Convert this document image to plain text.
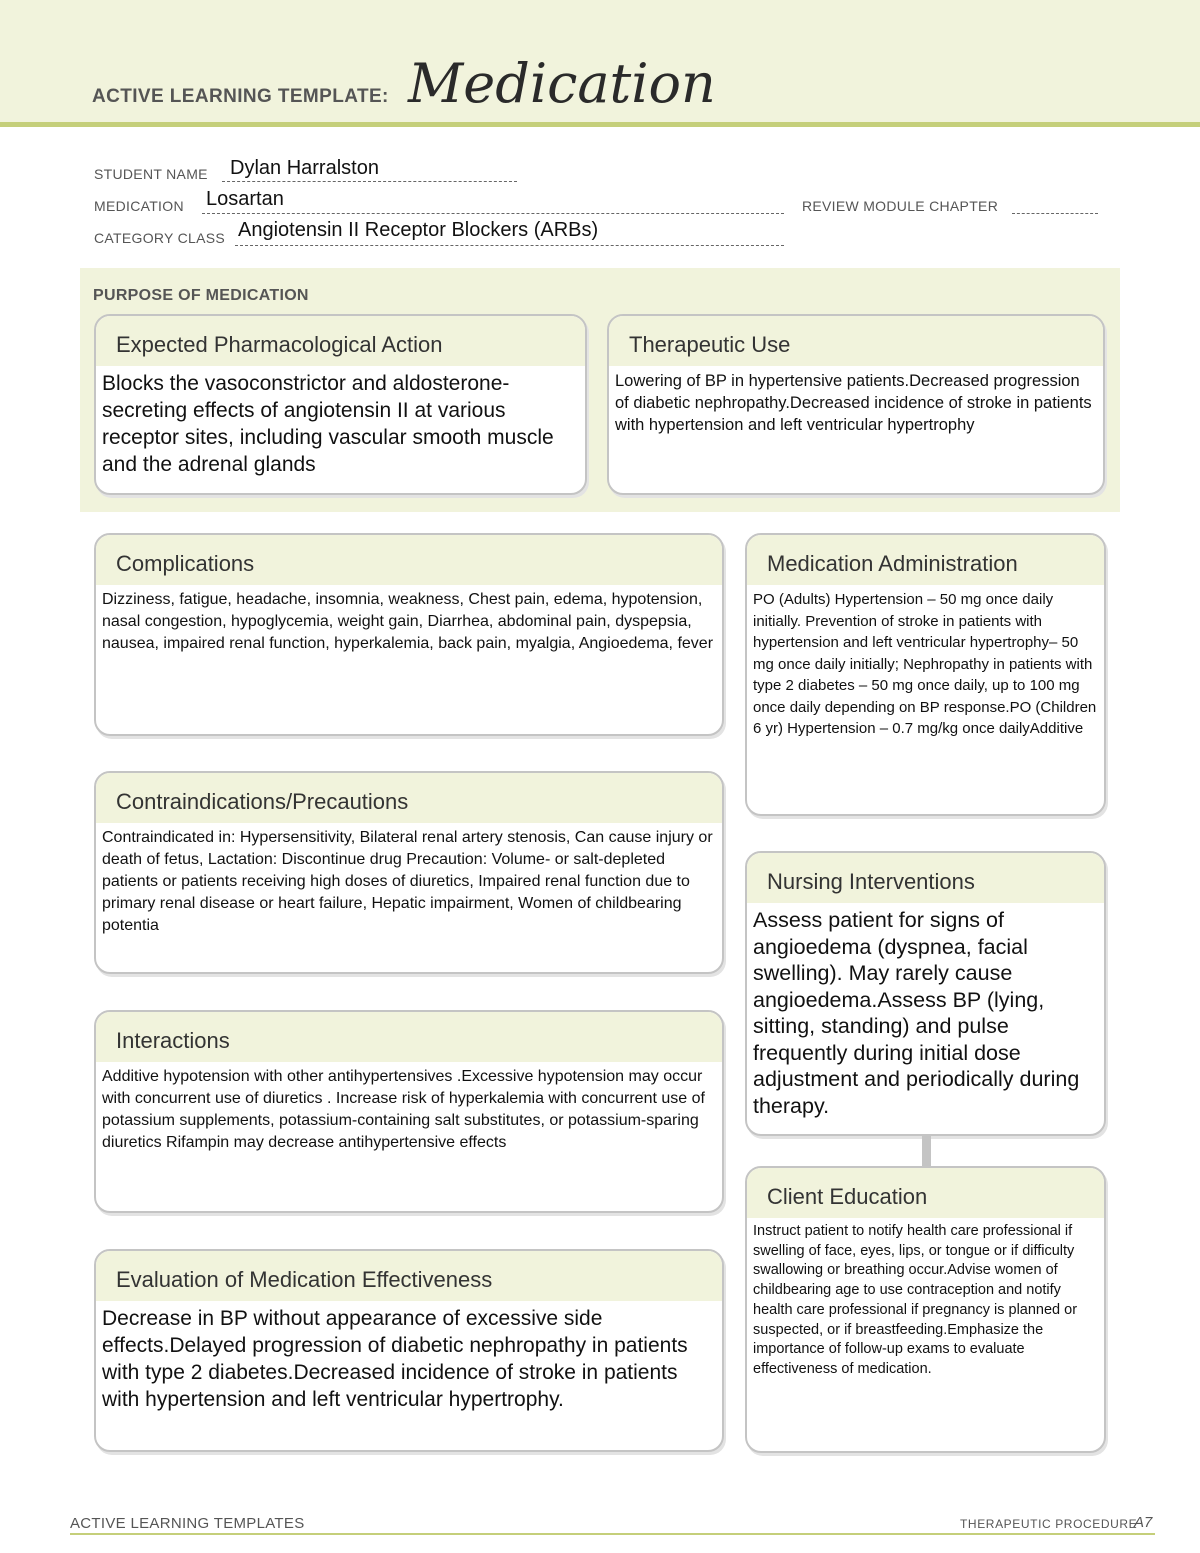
ACTIVE LEARNING TEMPLATE: Medication
STUDENT NAME Dylan Harralston
MEDICATION Losartan	REVIEW MODULE CHAPTER
CATEGORY CLASS Angiotensin II Receptor Blockers (ARBs)
PURPOSE OF MEDICATION
Expected Pharmacological Action
Blocks the vasoconstrictor and aldosterone-secreting effects of angiotensin II at various receptor sites, including vascular smooth muscle and the adrenal glands
Therapeutic Use
Lowering of BP in hypertensive patients.Decreased progression of diabetic nephropathy.Decreased incidence of stroke in patients with hypertension and left ventricular hypertrophy
Complications
Dizziness, fatigue, headache, insomnia, weakness, Chest pain, edema, hypotension, nasal congestion, hypoglycemia, weight gain, Diarrhea, abdominal pain, dyspepsia, nausea, impaired renal function, hyperkalemia, back pain, myalgia, Angioedema, fever
Contraindications/Precautions
Contraindicated in: Hypersensitivity, Bilateral renal artery stenosis, Can cause injury or death of fetus, Lactation: Discontinue drug Precaution: Volume- or salt-depleted patients or patients receiving high doses of diuretics, Impaired renal function due to primary renal disease or heart failure, Hepatic impairment, Women of childbearing potentia
Interactions
Additive hypotension with other antihypertensives .Excessive hypotension may occur with concurrent use of diuretics . Increase risk of hyperkalemia with concurrent use of potassium supplements, potassium-containing salt substitutes, or potassium-sparing diuretics Rifampin may decrease antihypertensive effects
Evaluation of Medication Effectiveness
Decrease in BP without appearance of excessive side effects.Delayed progression of diabetic nephropathy in patients with type 2 diabetes.Decreased incidence of stroke in patients with hypertension and left ventricular hypertrophy.
Medication Administration
PO (Adults) Hypertension – 50 mg once daily initially. Prevention of stroke in patients with hypertension and left ventricular hypertrophy– 50 mg once daily initially; Nephropathy in patients with type 2 diabetes – 50 mg once daily, up to 100 mg once daily depending on BP response.PO (Children 6 yr) Hypertension – 0.7 mg/kg once dailyAdditive
Nursing Interventions
Assess patient for signs of angioedema (dyspnea, facial swelling). May rarely cause angioedema.Assess BP (lying, sitting, standing) and pulse frequently during initial dose adjustment and periodically during therapy.
Client Education
Instruct patient to notify health care professional if swelling of face, eyes, lips, or tongue or if difficulty swallowing or breathing occur.Advise women of childbearing age to use contraception and notify health care professional if pregnancy is planned or suspected, or if breastfeeding.Emphasize the importance of follow-up exams to evaluate effectiveness of medication.
ACTIVE LEARNING TEMPLATES	THERAPEUTIC PROCEDURE
A7
